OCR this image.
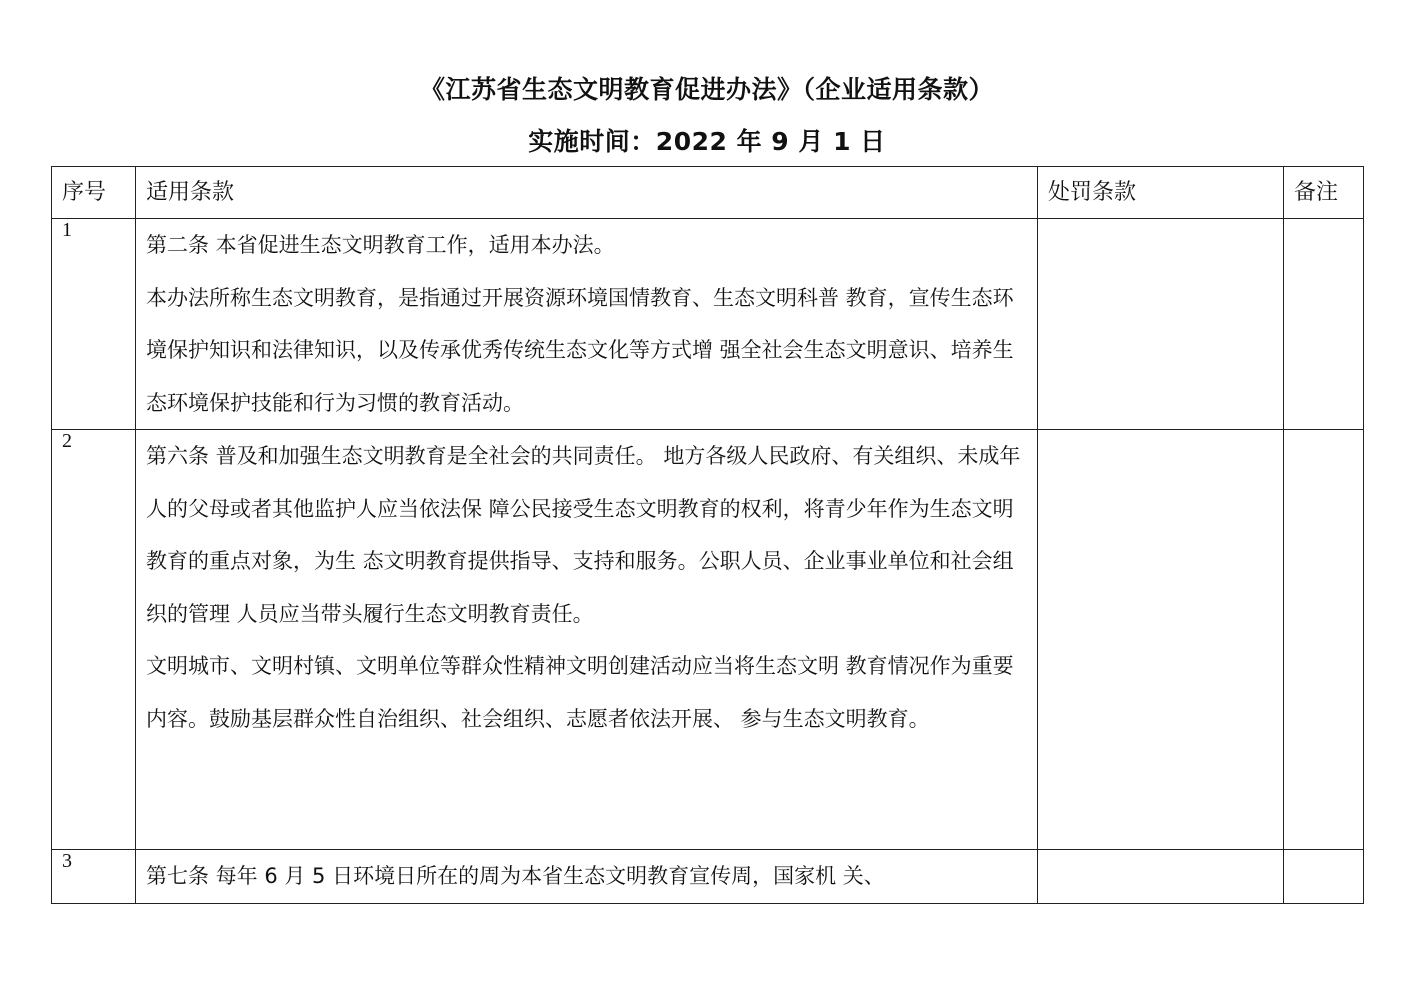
《江苏省生态文明教育促进办法》（企业适用条款）
实施时间：2022 年 9 月 1 日
序号	适用条款	处罚条款	备注
1	第二条 本省促进生态文明教育工作，适用本办法。

本办法所称生态文明教育，是指通过开展资源环境国情教育、生态文明科普 教育，宣传生态环境保护知识和法律知识，以及传承优秀传统生态文化等方式增 强全社会生态文明意识、培养生态环境保护技能和行为习惯的教育活动。		

2	第六条 普及和加强生态文明教育是全社会的共同责任。 地方各级人民政府、有关组织、未成年人的父母或者其他监护人应当依法保 障公民接受生态文明教育的权利，将青少年作为生态文明教育的重点对象，为生 态文明教育提供指导、支持和服务。公职人员、企业事业单位和社会组织的管理 人员应当带头履行生态文明教育责任。

文明城市、文明村镇、文明单位等群众性精神文明创建活动应当将生态文明 教育情况作为重要内容。鼓励基层群众性自治组织、社会组织、志愿者依法开展、 参与生态文明教育。		

3	第七条 每年 6 月 5 日环境日所在的周为本省生态文明教育宣传周，国家机 关、		
